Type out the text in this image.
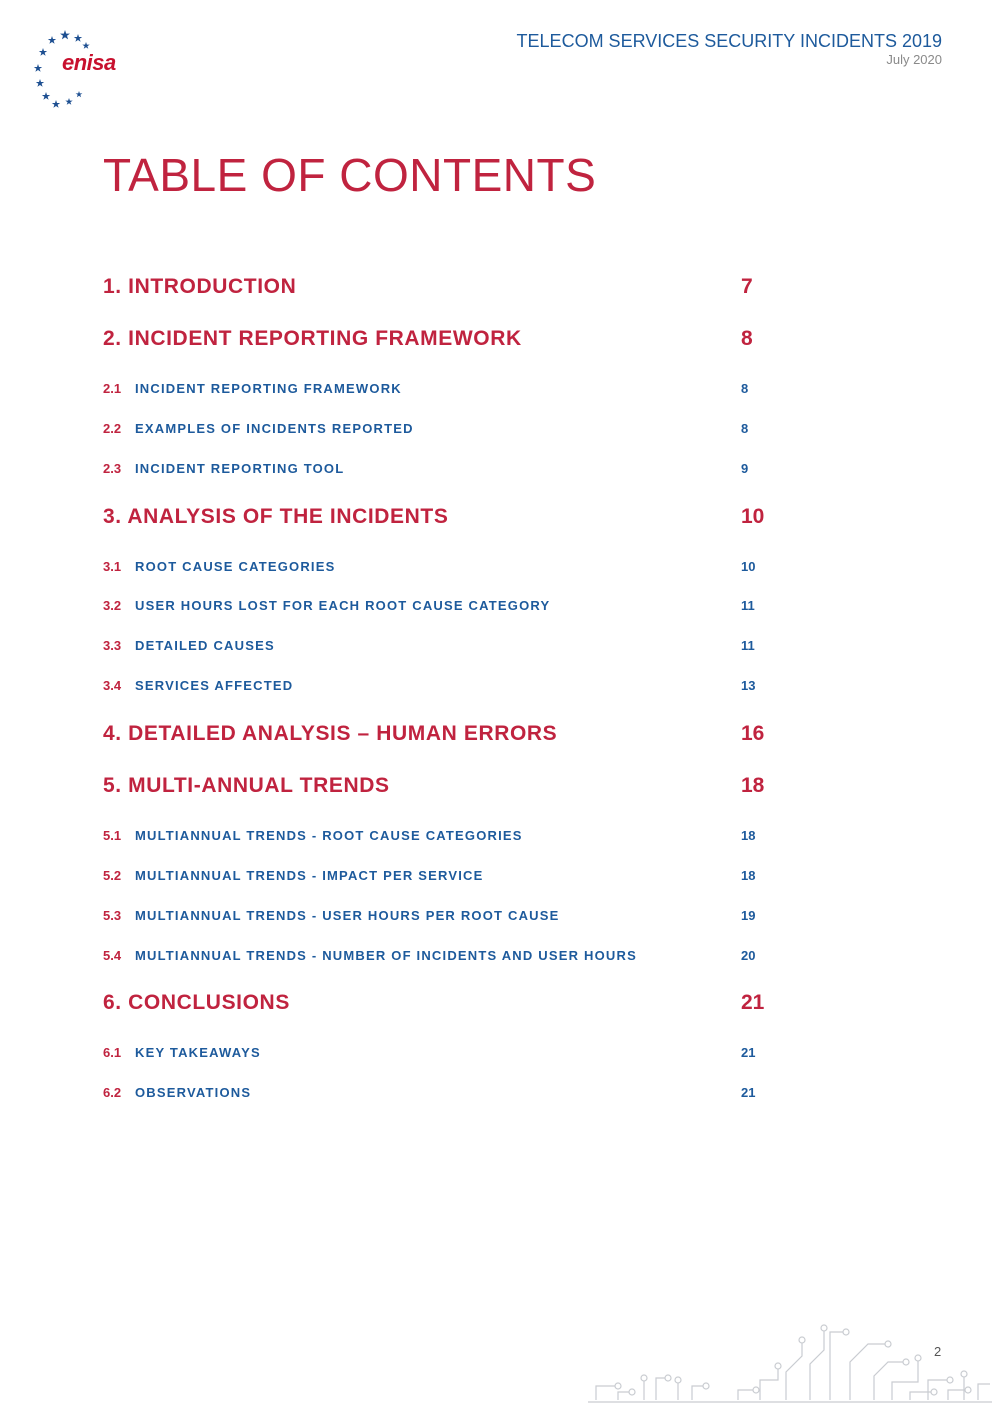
enisa
TELECOM SERVICES SECURITY INCIDENTS 2019
July 2020
TABLE OF CONTENTS
1. INTRODUCTION	7
2. INCIDENT REPORTING FRAMEWORK	8
2.1 INCIDENT REPORTING FRAMEWORK	8
2.2 EXAMPLES OF INCIDENTS REPORTED	8
2.3 INCIDENT REPORTING TOOL	9
3. ANALYSIS OF THE INCIDENTS	10
3.1 ROOT CAUSE CATEGORIES	10
3.2 USER HOURS LOST FOR EACH ROOT CAUSE CATEGORY	11
3.3 DETAILED CAUSES	11
3.4 SERVICES AFFECTED	13
4. DETAILED ANALYSIS – HUMAN ERRORS	16
5. MULTI-ANNUAL TRENDS	18
5.1 MULTIANNUAL TRENDS - ROOT CAUSE CATEGORIES	18
5.2 MULTIANNUAL TRENDS - IMPACT PER SERVICE	18
5.3 MULTIANNUAL TRENDS - USER HOURS PER ROOT CAUSE	19
5.4 MULTIANNUAL TRENDS - NUMBER OF INCIDENTS AND USER HOURS	20
6. CONCLUSIONS	21
6.1 KEY TAKEAWAYS	21
6.2 OBSERVATIONS	21
2
